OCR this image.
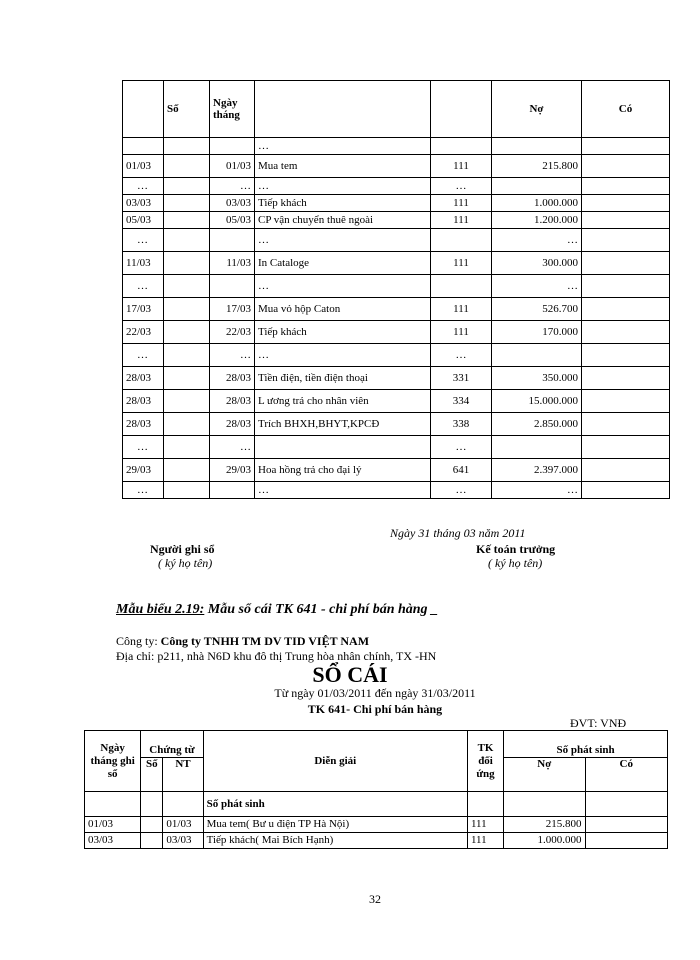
	Số	Ngày tháng			Nợ	Có
			…			
01/03		01/03	Mua tem	111	215.800	
…		…	…	…		
03/03		03/03	Tiếp khách	111	1.000.000	
05/03		05/03	CP vận chuyển thuê ngoài	111	1.200.000	
…			…		…	
11/03		11/03	In Cataloge	111	300.000	
…			…		…	
17/03		17/03	Mua vỏ hộp Caton	111	526.700	
22/03		22/03	Tiếp khách	111	170.000	
…		…	…	…		
28/03		28/03	Tiền điện, tiền điện thoại	331	350.000	
28/03		28/03	L ương trả cho nhân viên	334	15.000.000	
28/03		28/03	Trích BHXH,BHYT,KPCĐ	338	2.850.000	
…		…		…		
29/03		29/03	Hoa hồng trả cho đại lý	641	2.397.000	
…			…	…	…	
Ngày 31 tháng 03 năm 2011
Người ghi sổ
( ký họ tên)
Kế toán trưởng
( ký họ tên)
Mẫu biểu 2.19: Mẫu sổ cái TK 641 - chi phí bán hàng _
Công ty: Công ty TNHH TM DV TID VIỆT NAM
Địa chỉ: p211, nhà N6D khu đô thị Trung hòa nhân chính, TX -HN
SỔ CÁI
Từ ngày 01/03/2011 đến ngày 31/03/2011
TK 641- Chi phí bán hàng
ĐVT: VNĐ
Ngày tháng ghi sổ	Chứng từ		Diễn giải	TK đối ứng	Số phát sinh	
	Số	NT			Nợ	Có
			Số phát sinh			
01/03		01/03	Mua tem( Bư u điện TP Hà Nội)	111	215.800	
03/03		03/03	Tiếp khách( Mai Bích Hạnh)	111	1.000.000	
32
